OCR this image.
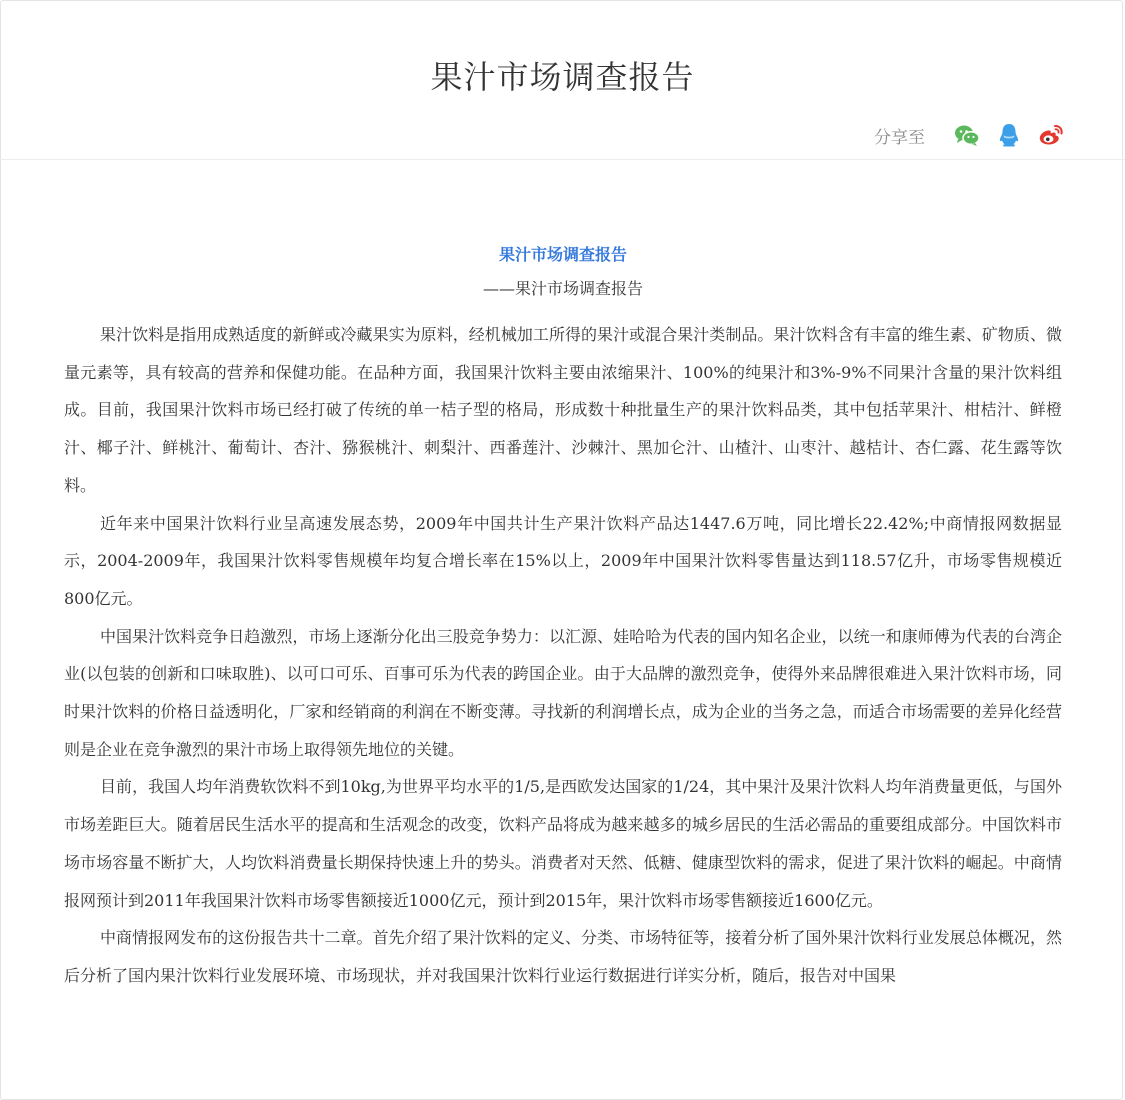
果汁市场调查报告
分享至
果汁市场调查报告

——果汁市场调查报告

果汁饮料是指用成熟适度的新鲜或冷藏果实为原料，经机械加工所得的果汁或混合果汁类制品。果汁饮料含有丰富的维生素、矿物质、微量元素等，具有较高的营养和保健功能。在品种方面，我国果汁饮料主要由浓缩果汁、100%的纯果汁和3%-9%不同果汁含量的果汁饮料组成。目前，我国果汁饮料市场已经打破了传统的单一桔子型的格局，形成数十种批量生产的果汁饮料品类，其中包括苹果汁、柑桔汁、鲜橙汁、椰子汁、鲜桃汁、葡萄计、杏汁、猕猴桃汁、刺梨汁、西番莲汁、沙棘汁、黑加仑汁、山楂汁、山枣汁、越桔计、杏仁露、花生露等饮料。

近年来中国果汁饮料行业呈高速发展态势，2009年中国共计生产果汁饮料产品达1447.6万吨，同比增长22.42%;中商情报网数据显示，2004-2009年，我国果汁饮料零售规模年均复合增长率在15%以上，2009年中国果汁饮料零售量达到118.57亿升，市场零售规模近800亿元。

中国果汁饮料竞争日趋激烈，市场上逐渐分化出三股竞争势力：以汇源、娃哈哈为代表的国内知名企业，以统一和康师傅为代表的台湾企业(以包装的创新和口味取胜)、以可口可乐、百事可乐为代表的跨国企业。由于大品牌的激烈竞争，使得外来品牌很难进入果汁饮料市场，同时果汁饮料的价格日益透明化，厂家和经销商的利润在不断变薄。寻找新的利润增长点，成为企业的当务之急，而适合市场需要的差异化经营则是企业在竞争激烈的果汁市场上取得领先地位的关键。

目前，我国人均年消费软饮料不到10kg,为世界平均水平的1/5,是西欧发达国家的1/24，其中果汁及果汁饮料人均年消费量更低，与国外市场差距巨大。随着居民生活水平的提高和生活观念的改变，饮料产品将成为越来越多的城乡居民的生活必需品的重要组成部分。中国饮料市场市场容量不断扩大，人均饮料消费量长期保持快速上升的势头。消费者对天然、低糖、健康型饮料的需求，促进了果汁饮料的崛起。中商情报网预计到2011年我国果汁饮料市场零售额接近1000亿元，预计到2015年，果汁饮料市场零售额接近1600亿元。

中商情报网发布的这份报告共十二章。首先介绍了果汁饮料的定义、分类、市场特征等，接着分析了国外果汁饮料行业发展总体概况，然后分析了国内果汁饮料行业发展环境、市场现状，并对我国果汁饮料行业运行数据进行详实分析，随后，报告对中国果
